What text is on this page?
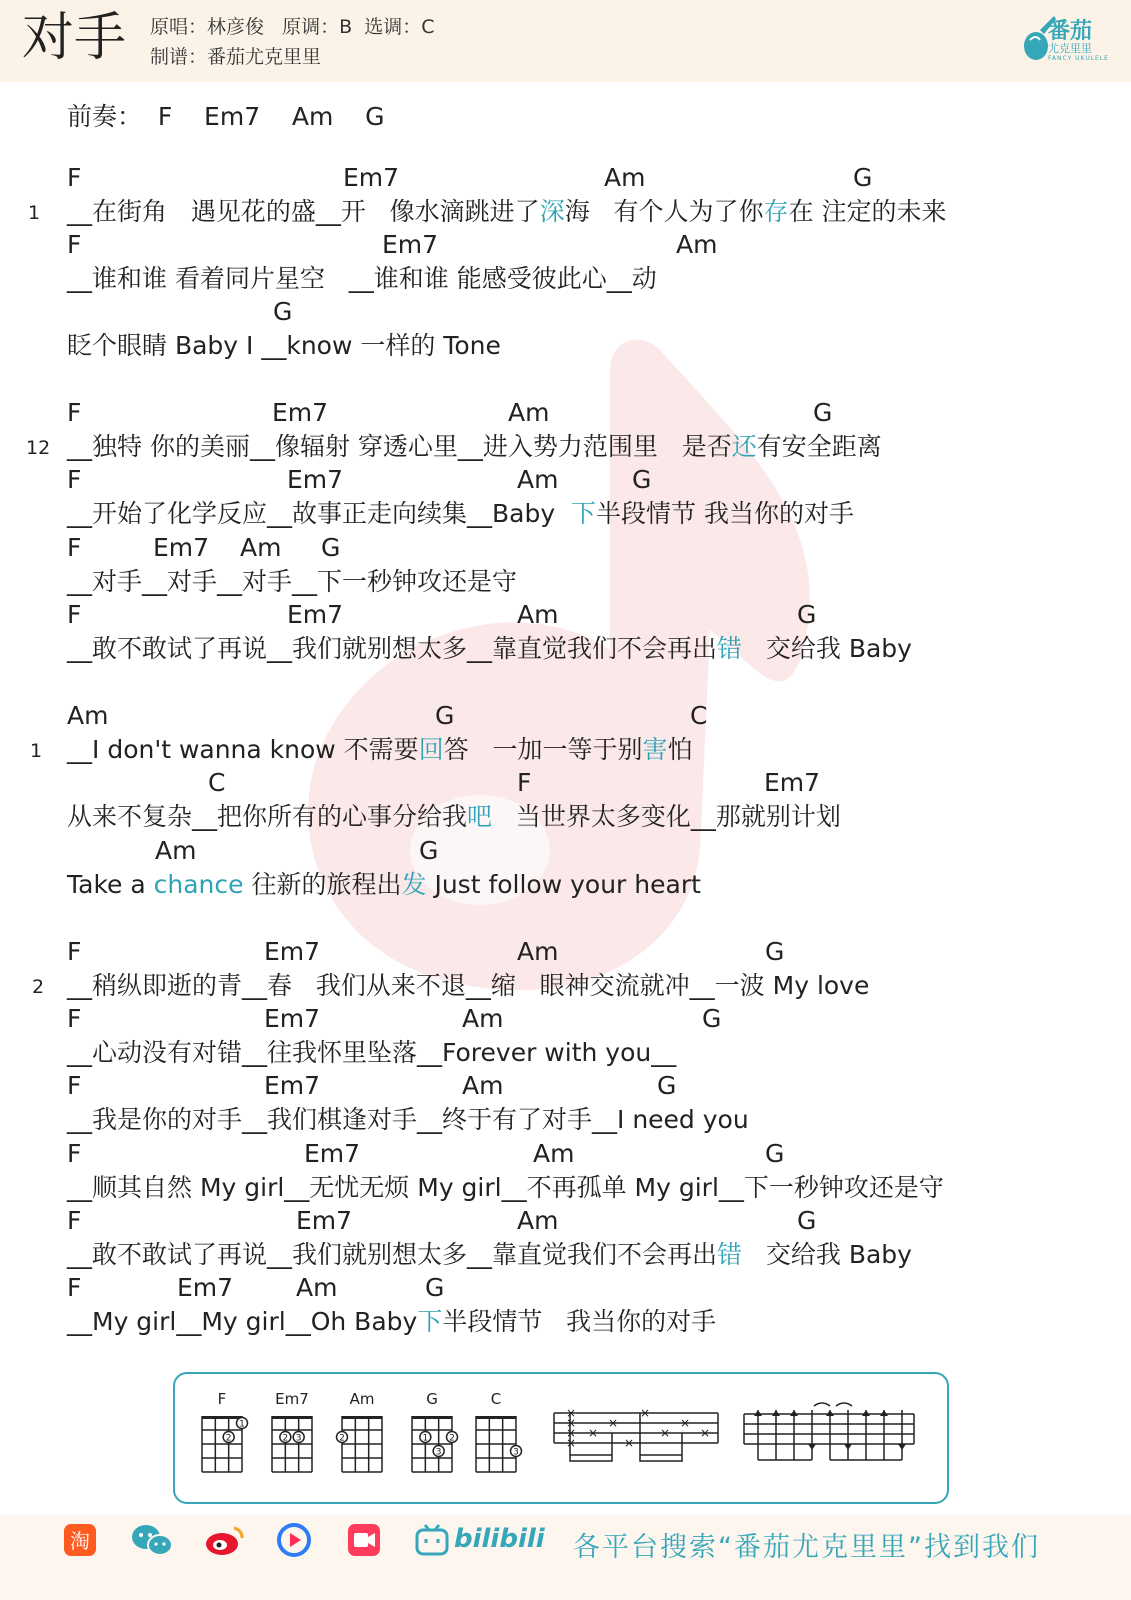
对手 原唱：林彦俊   原调：B  选调：C
制谱：番茄尤克里里
番茄
尤克里里
FANCY UKULELE
前奏：  F    Em7    Am    G
F	Em7	Am	G
__在街角   遇见花的盛__开   像水滴跳进了深海   有个人为了你存在 注定的未来
1
F	Em7	Am
__谁和谁 看着同片星空   __谁和谁 能感受彼此心__动
G
眨个眼睛 Baby I __know 一样的 Tone
F	Em7	Am	G
__独特 你的美丽__像辐射 穿透心里__进入势力范围里   是否还有安全距离
12
F	Em7	Am	G
__开始了化学反应__故事正走向续集__Baby  下半段情节 我当你的对手
F	Em7 Am G
__对手__对手__对手__下一秒钟攻还是守
F	Em7	Am	G
__敢不敢试了再说__我们就别想太多__靠直觉我们不会再出错   交给我 Baby
Am	G	C
__I don't wanna know 不需要回答   一加一等于别害怕
1
C	F	Em7
从来不复杂__把你所有的心事分给我吧   当世界太多变化__那就别计划
Am	G
Take a chance 往新的旅程出发 Just follow your heart
F	Em7	Am	G
__稍纵即逝的青__春   我们从来不退__缩   眼神交流就冲__一波 My love
2
F	Em7	Am	G
__心动没有对错__往我怀里坠落__Forever with you__
F	Em7	Am	G
__我是你的对手__我们棋逢对手__终于有了对手__I need you
F	Em7	Am	G
__顺其自然 My girl__无忧无烦 My girl__不再孤单 My girl__下一秒钟攻还是守
F	Em7	Am	G
__敢不敢试了再说__我们就别想太多__靠直觉我们不会再出错   交给我 Baby
F	Em7	Am	G
__My girl__My girl__Oh Baby下半段情节   我当你的对手
F
2
1
Em7
2 3
Am
2
G
1 2
3
C
3
×
×
×
×
×
×
×
×
×
×
×
淘	bilibili 各平台搜索“番茄尤克里里”找到我们
